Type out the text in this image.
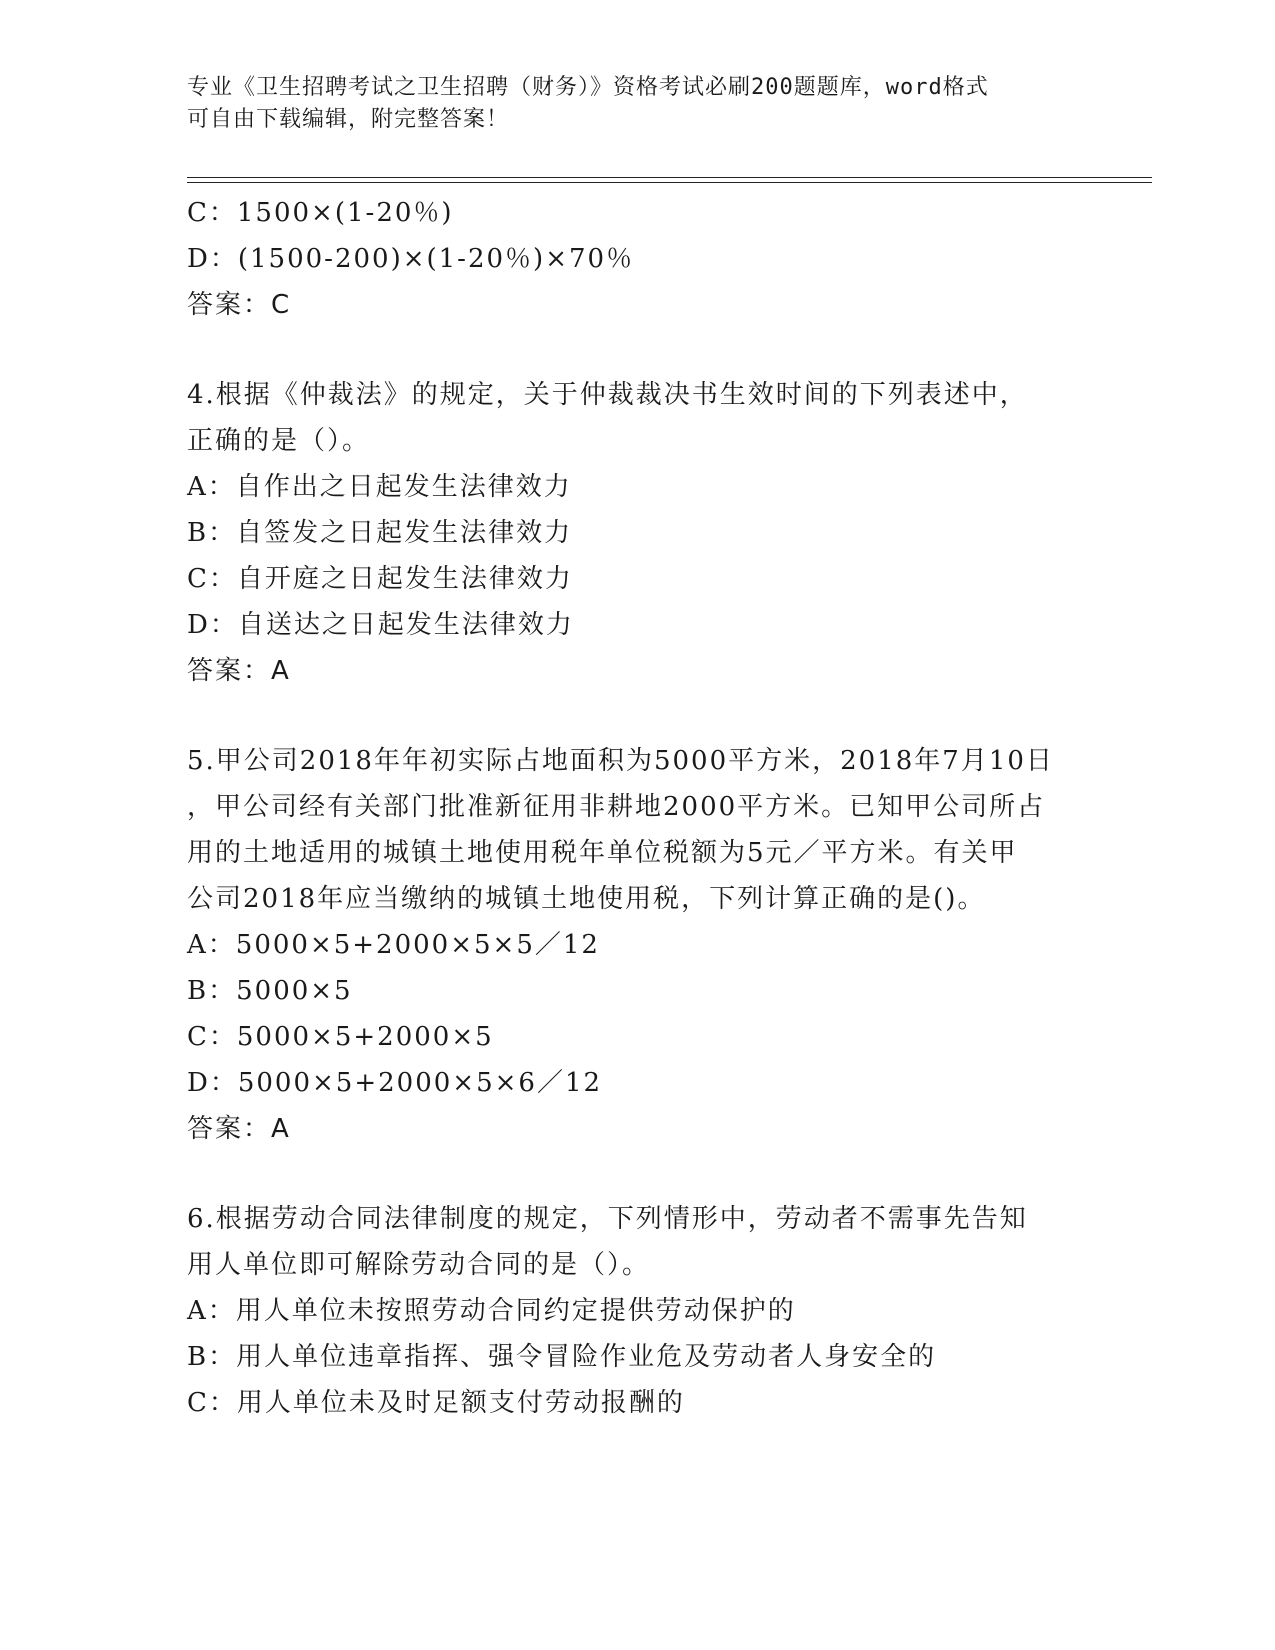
专业《卫生招聘考试之卫生招聘（财务）》资格考试必刷200题题库，word格式
可自由下载编辑，附完整答案！
C：1500×(1-20％)
D：(1500-200)×(1-20％)×70％
答案：C
4.根据《仲裁法》的规定，关于仲裁裁决书生效时间的下列表述中，
正确的是（）。
A：自作出之日起发生法律效力
B：自签发之日起发生法律效力
C：自开庭之日起发生法律效力
D：自送达之日起发生法律效力
答案：A
5.甲公司2018年年初实际占地面积为5000平方米，2018年7月10日
，甲公司经有关部门批准新征用非耕地2000平方米。已知甲公司所占
用的土地适用的城镇土地使用税年单位税额为5元／平方米。有关甲
公司2018年应当缴纳的城镇土地使用税，下列计算正确的是()。
A：5000×5+2000×5×5／12
B：5000×5
C：5000×5+2000×5
D：5000×5+2000×5×6／12
答案：A
6.根据劳动合同法律制度的规定，下列情形中，劳动者不需事先告知
用人单位即可解除劳动合同的是（）。
A：用人单位未按照劳动合同约定提供劳动保护的
B：用人单位违章指挥、强令冒险作业危及劳动者人身安全的
C：用人单位未及时足额支付劳动报酬的
